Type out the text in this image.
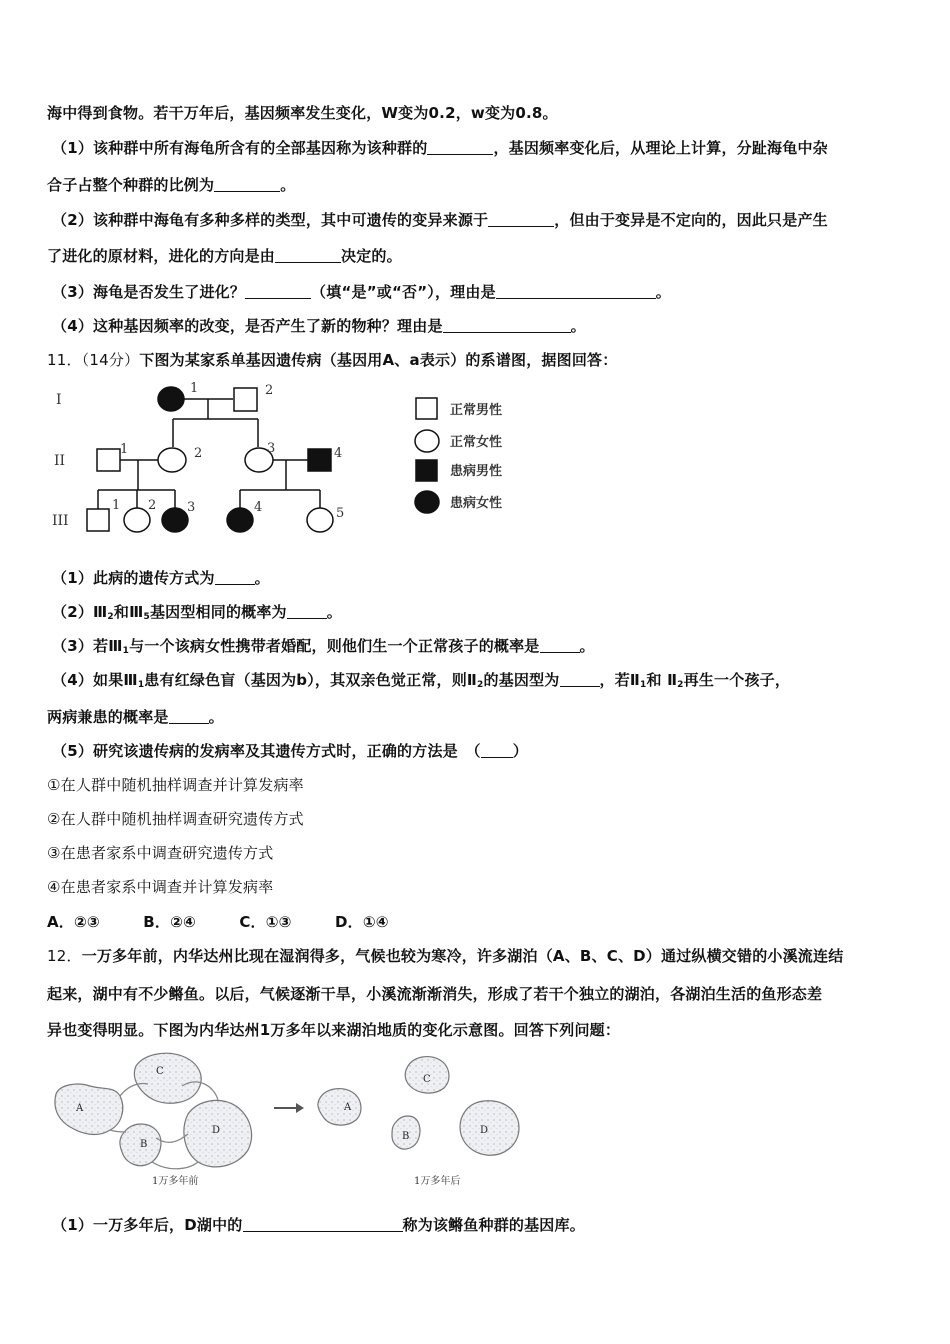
海中得到食物。若干万年后，基因频率发生变化，W变为0.2，w变为0.8。
（1）该种群中所有海龟所含有的全部基因称为该种群的	，基因频率变化后，从理论上计算，分趾海龟中杂
合子占整个种群的比例为	。
（2）该种群中海龟有多种多样的类型，其中可遗传的变异来源于	，但由于变异是不定向的，因此只是产生
了进化的原材料，进化的方向是由	决定的。
（3）海龟是否发生了进化？	（填“是”或“否”），理由是	。
（4）这种基因频率的改变，是否产生了新的物种？理由是	。
11．（14分）下图为某家系单基因遗传病（基因用A、a表示）的系谱图，据图回答：
I
II
III
1	2
1	2	3	4
1 2 3	4	5
正常男性
正常女性
患病男性
患病女性
（1）此病的遗传方式为	。
$(2)Ⅲ_2$和$Ⅲ_5$基因型相同的概率为	。
（3）若$Ⅲ_1$与一个该病女性携带者婚配，则他们生一个正常孩子的概率是	。
（4）如果$Ⅲ_1$患有红绿色盲（基因为b），其双亲色觉正常，则$Ⅱ_2$的基因型为	，若$Ⅱ_1$和 $Ⅱ_2$再生一个孩子，
两病兼患的概率是	。
（5）研究该遗传病的发病率及其遗传方式时，正确的方法是　（ ）
①在人群中随机抽样调查并计算发病率
②在人群中随机抽样调查研究遗传方式
③在患者家系中调查研究遗传方式
④在患者家系中调查并计算发病率
A．②③	B．②④	C．①③	D．①④
12．一万多年前，内华达州比现在湿润得多，气候也较为寒冷，许多湖泊（A、B、C、D）通过纵横交错的小溪流连结
起来，湖中有不少鳉鱼。以后，气候逐渐干旱，小溪流渐渐消失，形成了若干个独立的湖泊，各湖泊生活的鱼形态差
异也变得明显。下图为内华达州1万多年以来湖泊地质的变化示意图。回答下列问题：
A
B
C
D
1万多年前
A
B
C
D
1万多年后
（1）一万多年后，D湖中的	称为该鳉鱼种群的基因库。
